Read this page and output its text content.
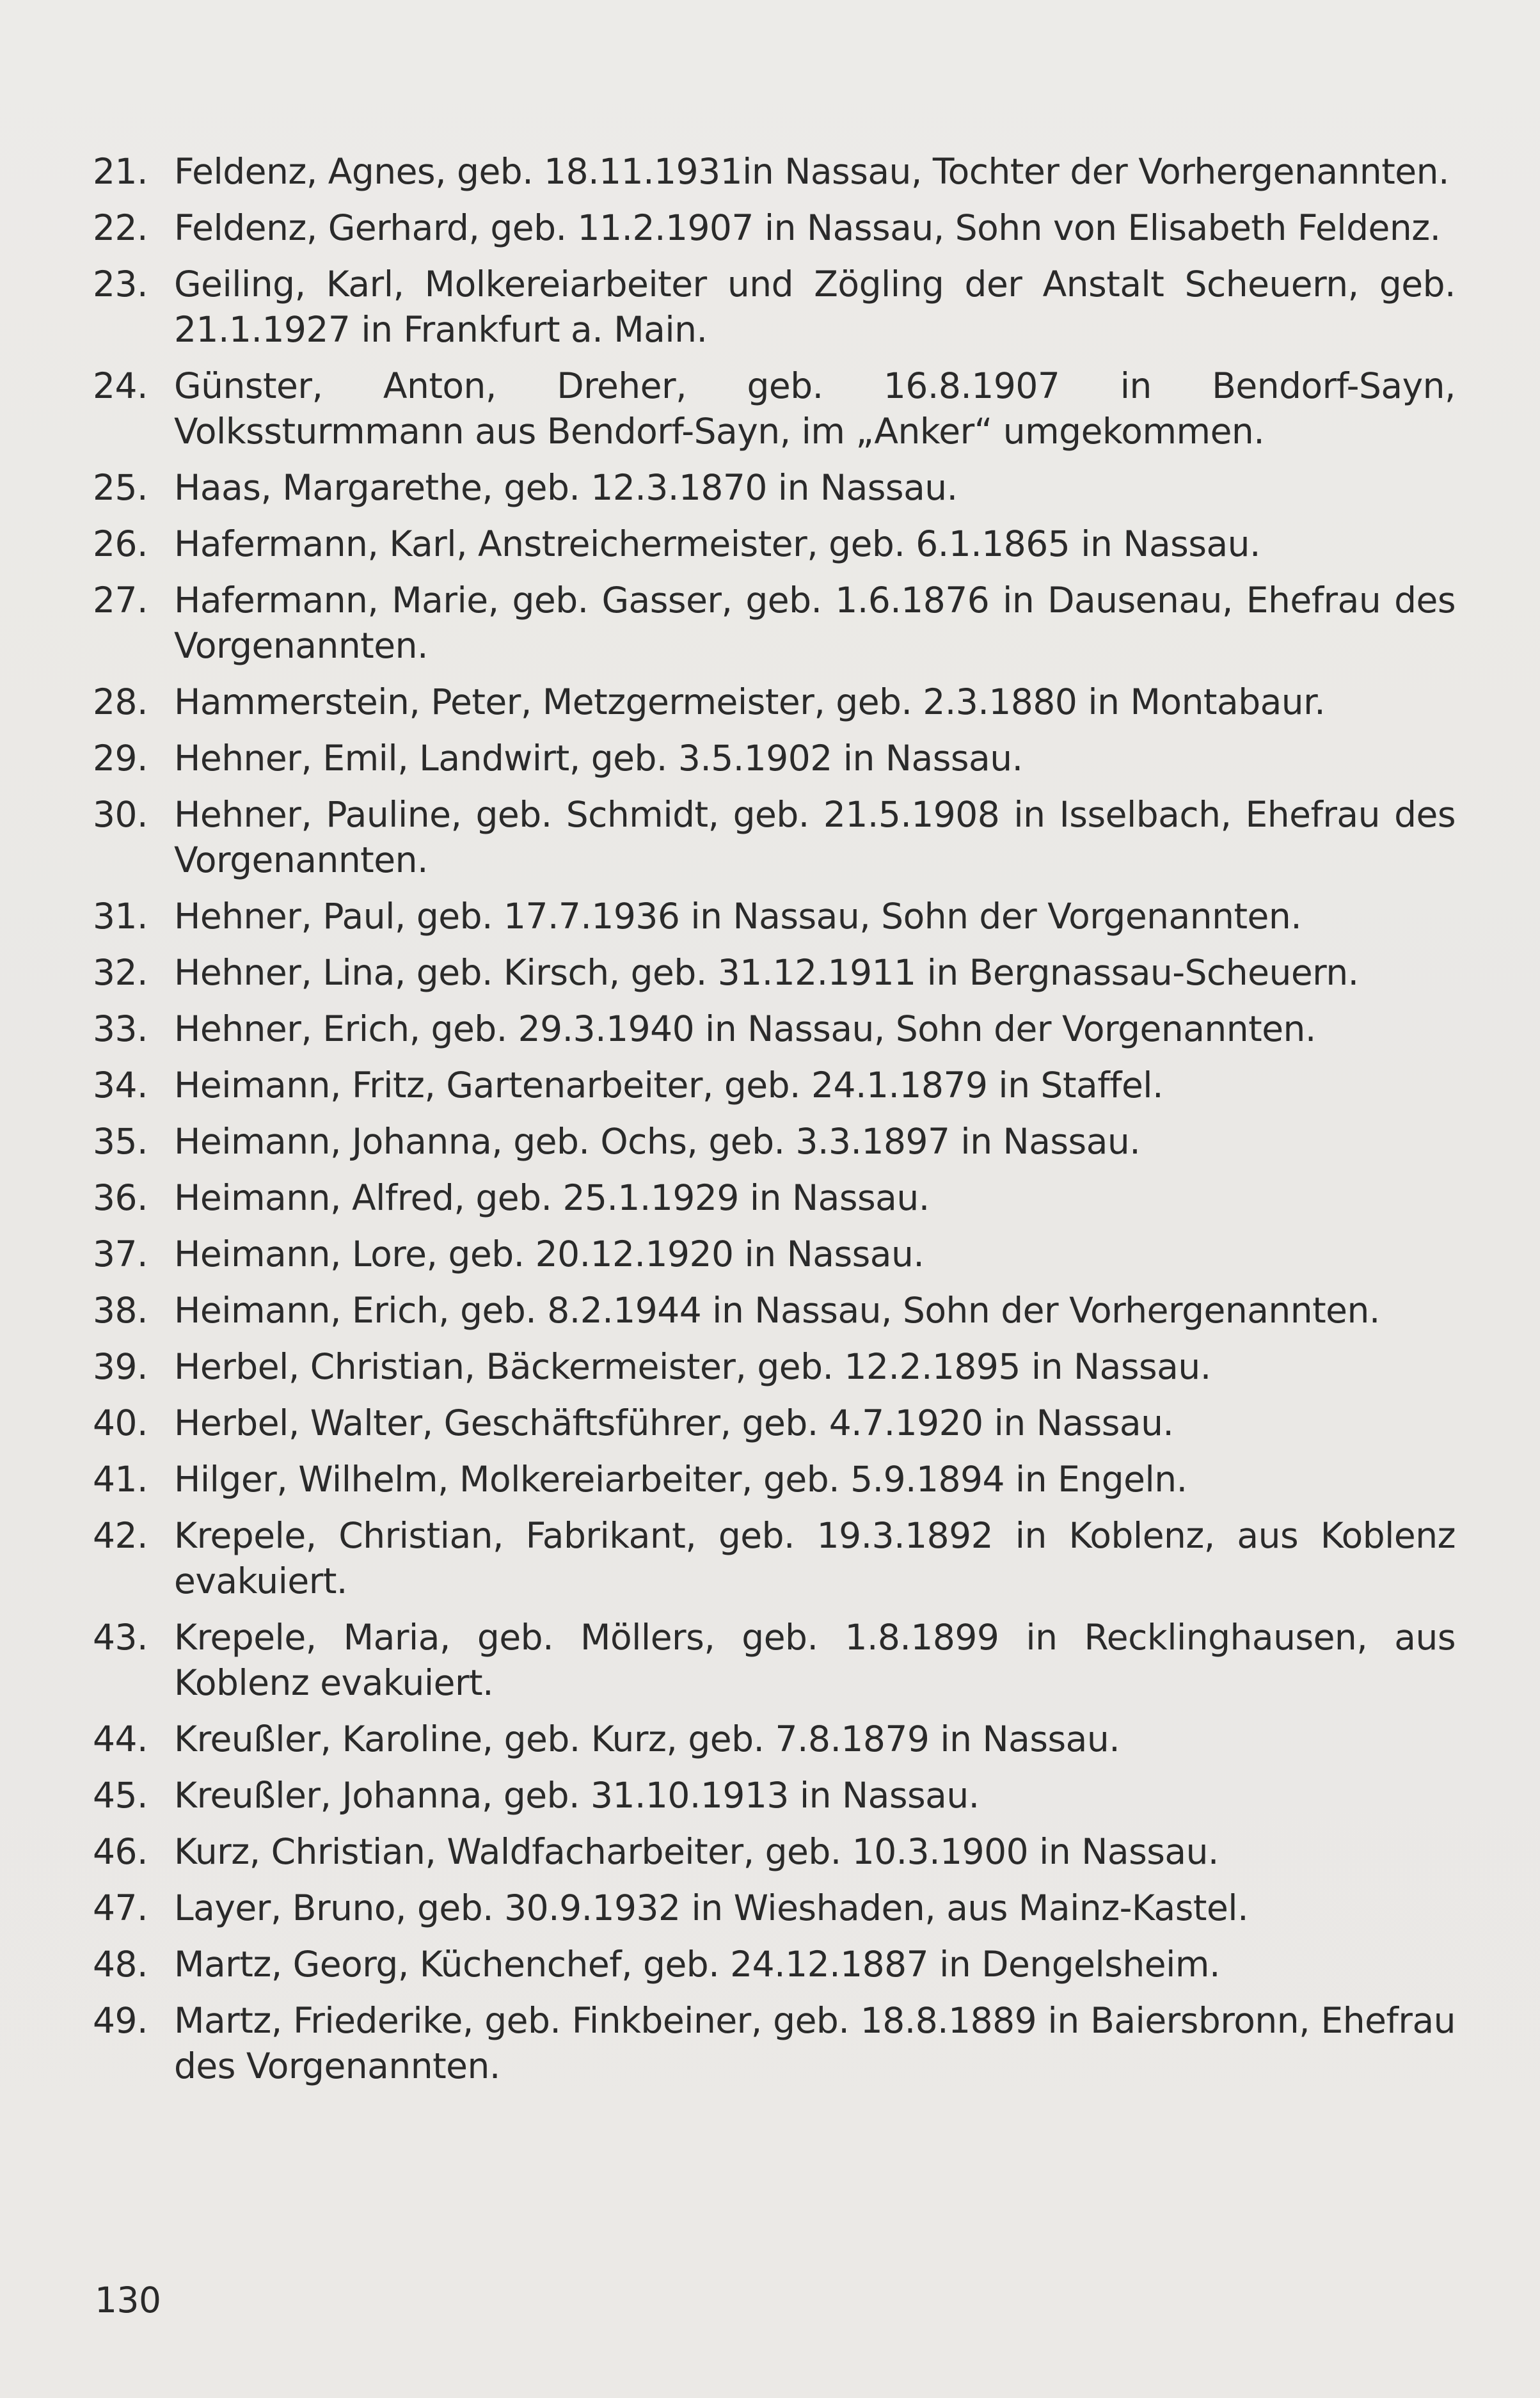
21. Feldenz, Agnes, geb. 18.11.1931in Nassau, Tochter der Vorhergenannten.
22. Feldenz, Gerhard, geb. 11.2.1907 in Nassau, Sohn von Elisabeth Feldenz.
23. Geiling, Karl, Molkereiarbeiter und Zögling der Anstalt Scheuern, geb. 21.1.1927 in Frankfurt a. Main.
24. Günster, Anton, Dreher, geb. 16.8.1907 in Bendorf-Sayn, Volkssturmmann aus Bendorf-Sayn, im „Anker“ umgekommen.
25. Haas, Margarethe, geb. 12.3.1870 in Nassau.
26. Hafermann, Karl, Anstreichermeister, geb. 6.1.1865 in Nassau.
27. Hafermann, Marie, geb. Gasser, geb. 1.6.1876 in Dausenau, Ehefrau des Vorgenannten.
28. Hammerstein, Peter, Metzgermeister, geb. 2.3.1880 in Montabaur.
29. Hehner, Emil, Landwirt, geb. 3.5.1902 in Nassau.
30. Hehner, Pauline, geb. Schmidt, geb. 21.5.1908 in Isselbach, Ehefrau des Vorgenannten.
31. Hehner, Paul, geb. 17.7.1936 in Nassau, Sohn der Vorgenannten.
32. Hehner, Lina, geb. Kirsch, geb. 31.12.1911 in Bergnassau-Scheuern.
33. Hehner, Erich, geb. 29.3.1940 in Nassau, Sohn der Vorgenannten.
34. Heimann, Fritz, Gartenarbeiter, geb. 24.1.1879 in Staffel.
35. Heimann, Johanna, geb. Ochs, geb. 3.3.1897 in Nassau.
36. Heimann, Alfred, geb. 25.1.1929 in Nassau.
37. Heimann, Lore, geb. 20.12.1920 in Nassau.
38. Heimann, Erich, geb. 8.2.1944 in Nassau, Sohn der Vorhergenannten.
39. Herbel, Christian, Bäckermeister, geb. 12.2.1895 in Nassau.
40. Herbel, Walter, Geschäftsführer, geb. 4.7.1920 in Nassau.
41. Hilger, Wilhelm, Molkereiarbeiter, geb. 5.9.1894 in Engeln.
42. Krepele, Christian, Fabrikant, geb. 19.3.1892 in Koblenz, aus Koblenz evakuiert.
43. Krepele, Maria, geb. Möllers, geb. 1.8.1899 in Recklinghausen, aus Koblenz evakuiert.
44. Kreußler, Karoline, geb. Kurz, geb. 7.8.1879 in Nassau.
45. Kreußler, Johanna, geb. 31.10.1913 in Nassau.
46. Kurz, Christian, Waldfacharbeiter, geb. 10.3.1900 in Nassau.
47. Layer, Bruno, geb. 30.9.1932 in Wieshaden, aus Mainz-Kastel.
48. Martz, Georg, Küchenchef, geb. 24.12.1887 in Dengelsheim.
49. Martz, Friederike, geb. Finkbeiner, geb. 18.8.1889 in Baiersbronn, Ehefrau des Vorgenannten.
130
